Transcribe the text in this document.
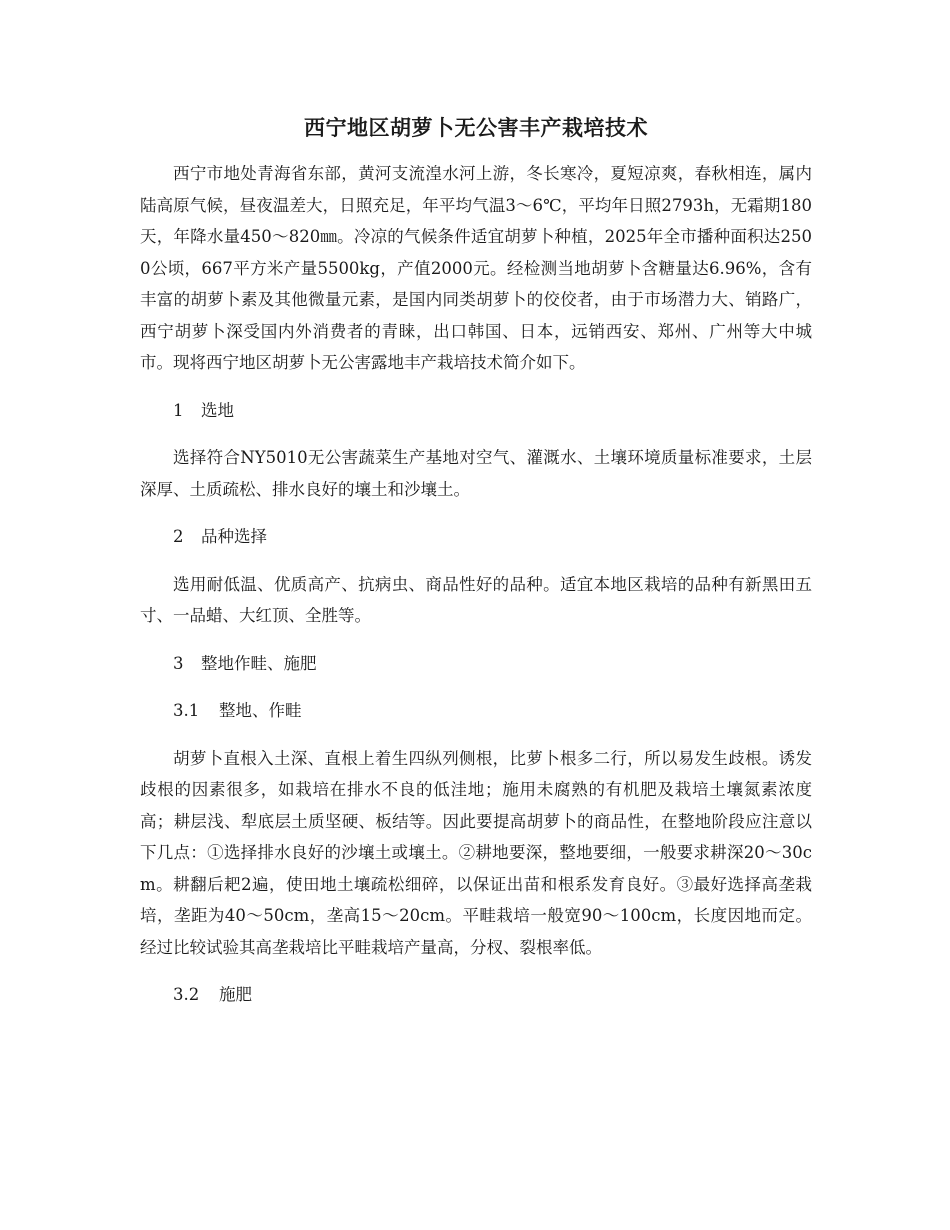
西宁地区胡萝卜无公害丰产栽培技术

西宁市地处青海省东部，黄河支流湟水河上游，冬长寒冷，夏短凉爽，春秋相连，属内陆高原气候，昼夜温差大，日照充足，年平均气温3～6℃，平均年日照2793h，无霜期180天，年降水量450～820㎜。冷凉的气候条件适宜胡萝卜种植，2025年全市播种面积达2500公顷，667平方米产量5500kg，产值2000元。经检测当地胡萝卜含糖量达6.96%，含有丰富的胡萝卜素及其他微量元素，是国内同类胡萝卜的佼佼者，由于市场潜力大、销路广，西宁胡萝卜深受国内外消费者的青睐，出口韩国、日本，远销西安、郑州、广州等大中城市。现将西宁地区胡萝卜无公害露地丰产栽培技术简介如下。

1 选地

选择符合NY5010无公害蔬菜生产基地对空气、灌溉水、土壤环境质量标准要求，土层深厚、土质疏松、排水良好的壤土和沙壤土。

2 品种选择

选用耐低温、优质高产、抗病虫、商品性好的品种。适宜本地区栽培的品种有新黑田五寸、一品蜡、大红顶、全胜等。

3 整地作畦、施肥
3.1 整地、作畦

胡萝卜直根入土深、直根上着生四纵列侧根，比萝卜根多二行，所以易发生歧根。诱发歧根的因素很多，如栽培在排水不良的低洼地；施用未腐熟的有机肥及栽培土壤氮素浓度高；耕层浅、犁底层土质坚硬、板结等。因此要提高胡萝卜的商品性，在整地阶段应注意以下几点：①选择排水良好的沙壤土或壤土。②耕地要深，整地要细，一般要求耕深20～30cm。耕翻后耙2遍，使田地土壤疏松细碎，以保证出苗和根系发育良好。③最好选择高垄栽培，垄距为40～50cm，垄高15～20cm。平畦栽培一般宽90～100cm，长度因地而定。经过比较试验其高垄栽培比平畦栽培产量高，分杈、裂根率低。

3.2 施肥
